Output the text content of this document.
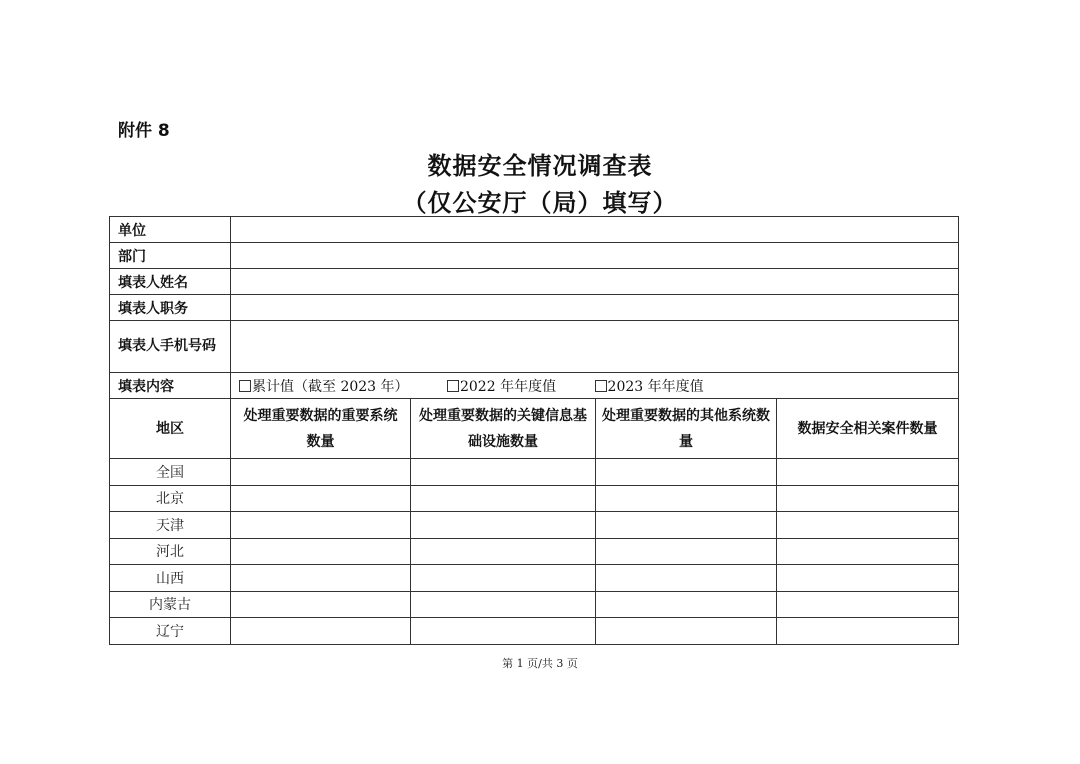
附件 8
数据安全情况调查表
（仅公安厅（局）填写）
单位				
部门				
填表人姓名				
填表人职务				
填表人手机号码				
填表内容	累计值（截至 2023 年） 2022 年年度值 2023 年年度值			
地区	处理重要数据的重要系统数量	处理重要数据的关键信息基础设施数量	处理重要数据的其他系统数量	数据安全相关案件数量
全国				
北京				
天津				
河北				
山西				
内蒙古				
辽宁				
第 1 页/共 3 页
